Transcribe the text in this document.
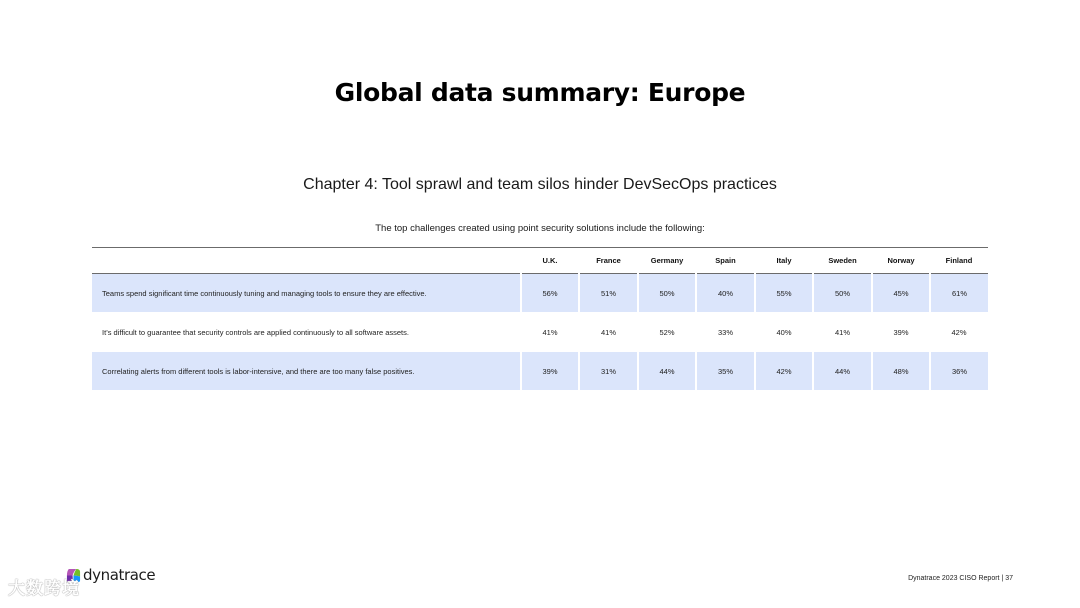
Global data summary: Europe
Chapter 4: Tool sprawl and team silos hinder DevSecOps practices
The top challenges created using point security solutions include the following:
	U.K.	France	Germany	Spain	Italy	Sweden	Norway	Finland
Teams spend significant time continuously tuning and managing tools to ensure they are effective.	56%	51%	50%	40%	55%	50%	45%	61%
It’s difficult to guarantee that security controls are applied continuously to all software assets.	41%	41%	52%	33%	40%	41%	39%	42%
Correlating alerts from different tools is labor-intensive, and there are too many false positives.	39%	31%	44%	35%	42%	44%	48%	36%
dynatrace
大数跨境
Dynatrace 2023 CISO Report | 37
